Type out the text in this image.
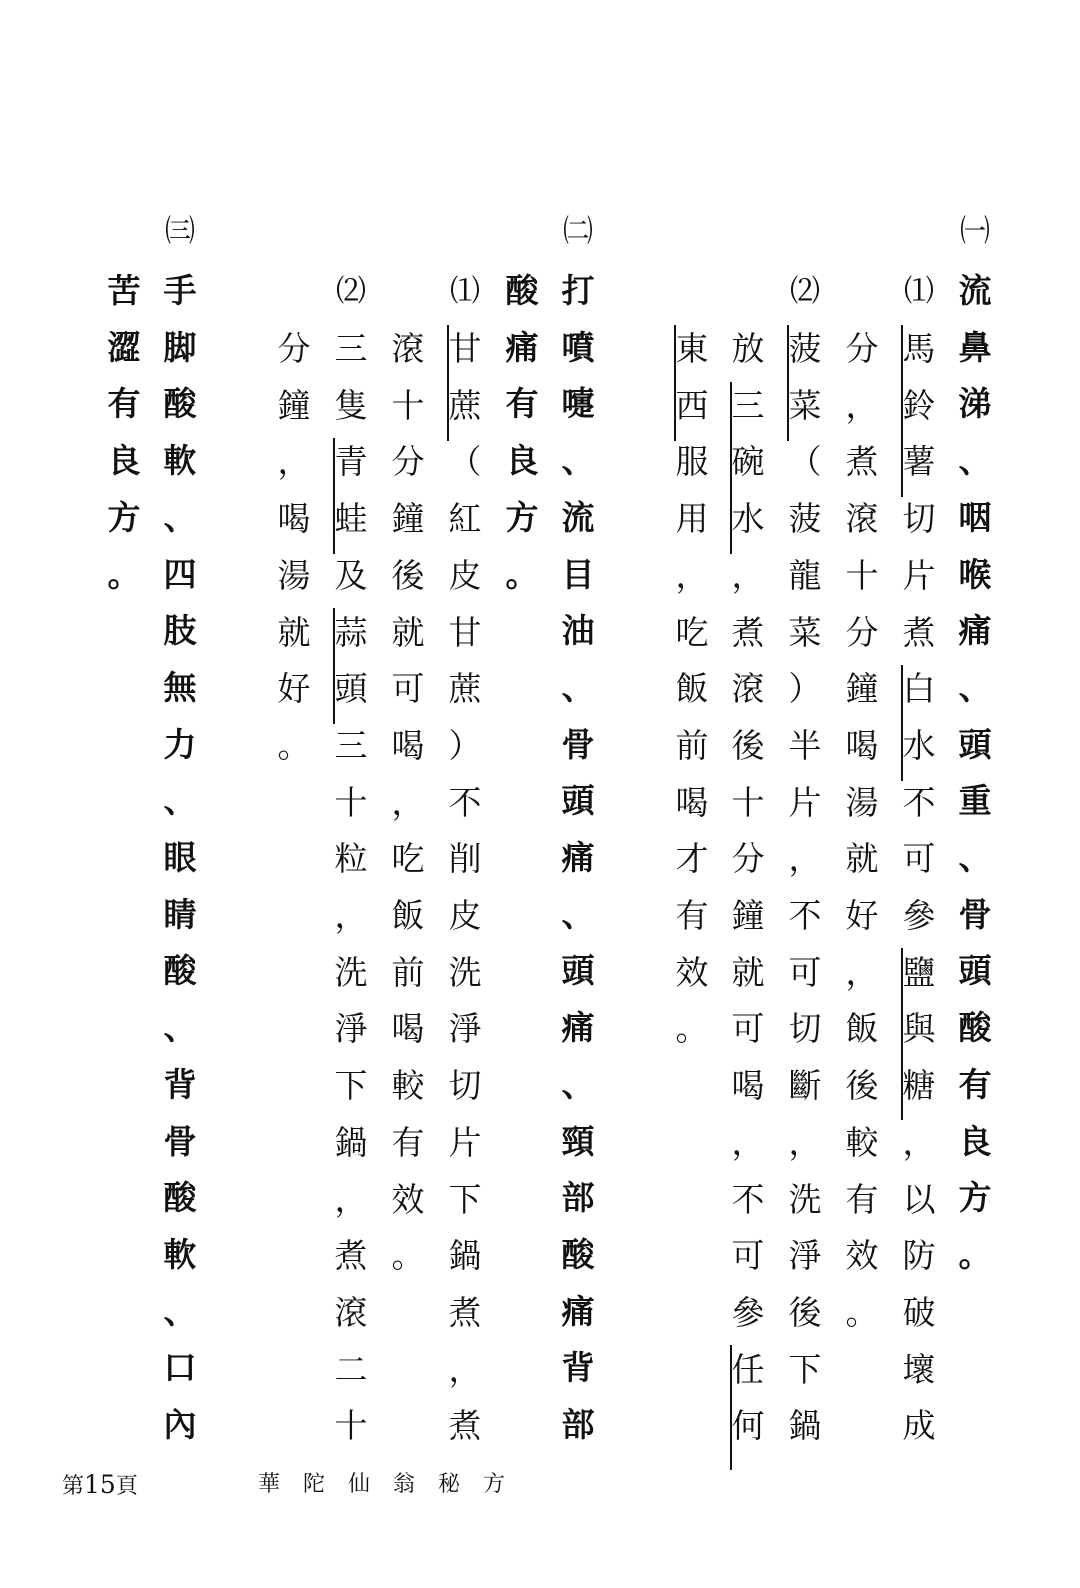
㈠
流
鼻
涕
、
咽
喉
痛
、
頭
重
、
骨
頭
酸
有
良
方
。
⑴
馬
鈴
薯
切
片
煮
白
水
不
可
參
鹽
與
糖
，
以
防
破
壞
成
分
，
煮
滾
十
分
鐘
喝
湯
就
好
，
飯
後
較
有
效
。
⑵
菠
菜
（
菠
龍
菜
）
半
片
，
不
可
切
斷
，
洗
淨
後
下
鍋
放
三
碗
水
，
煮
滾
後
十
分
鐘
就
可
喝
，
不
可
參
任
何
東
西
服
用
，
吃
飯
前
喝
才
有
效
。
㈡
打
噴
嚏
、
流
目
油
、
骨
頭
痛
、
頭
痛
、
頸
部
酸
痛
背
部
酸
痛
有
良
方
。
⑴
甘
蔗
（
紅
皮
甘
蔗
）
不
削
皮
洗
淨
切
片
下
鍋
煮
，
煮
滾
十
分
鐘
後
就
可
喝
，
吃
飯
前
喝
較
有
效
。
⑵
三
隻
青
蛙
及
蒜
頭
三
十
粒
，
洗
淨
下
鍋
，
煮
滾
二
十
分
鐘
，
喝
湯
就
好
。
㈢
手
脚
酸
軟
、
四
肢
無
力
、
眼
睛
酸
、
背
骨
酸
軟
、
口
內
苦
澀
有
良
方
。
第15頁	華 陀 仙 翁 秘 方
